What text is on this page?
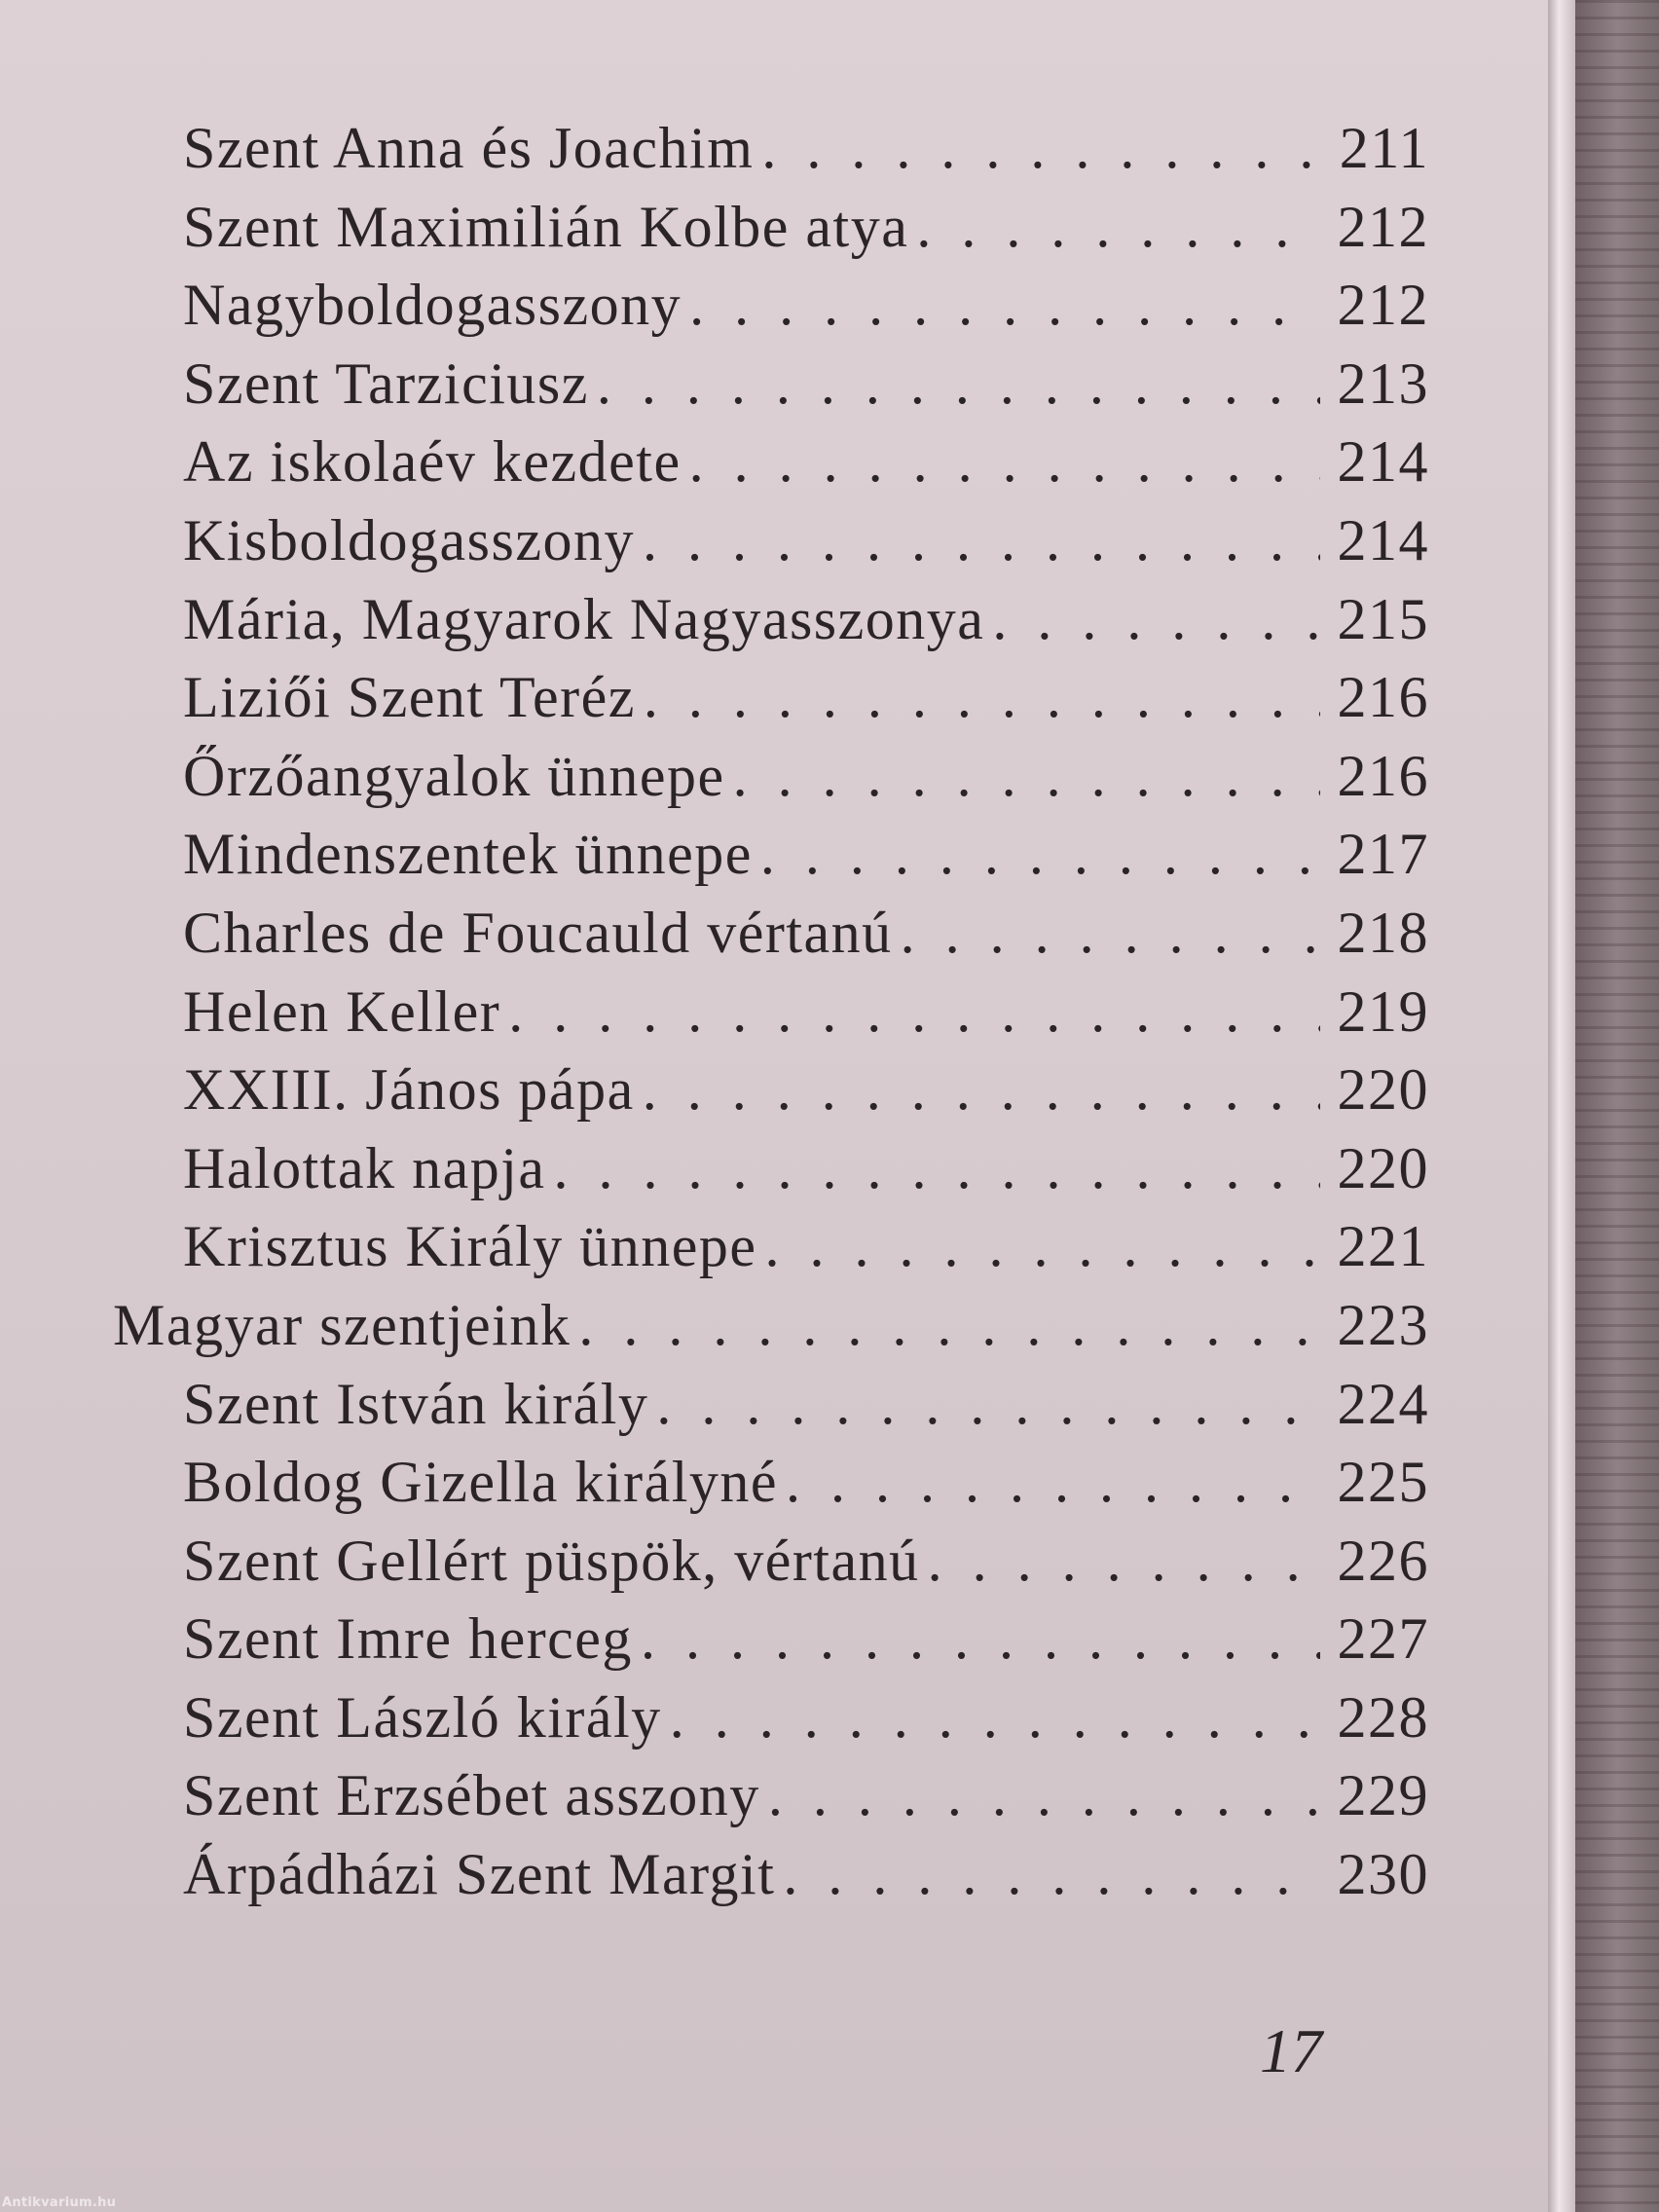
Szent Anna és Joachim . . .	211
Szent Maximilián Kolbe atya . . .	212
Nagyboldogasszony . . .	212
Szent Tarziciusz . . .	213
Az iskolaév kezdete . . .	214
Kisboldogasszony . . .	214
Mária, Magyarok Nagyasszonya . . .	215
Liziői Szent Teréz . . .	216
Őrzőangyalok ünnepe . . .	216
Mindenszentek ünnepe . . .	217
Charles de Foucauld vértanú . . .	218
Helen Keller . . .	219
XXIII. János pápa . . .	220
Halottak napja . . .	220
Krisztus Király ünnepe . . .	221
Magyar szentjeink . . .	223
Szent István király . . .	224
Boldog Gizella királyné . . .	225
Szent Gellért püspök, vértanú . . .	226
Szent Imre herceg . . .	227
Szent László király . . .	228
Szent Erzsébet asszony . . .	229
Árpádházi Szent Margit . . .	230
17
Antikvarium.hu
